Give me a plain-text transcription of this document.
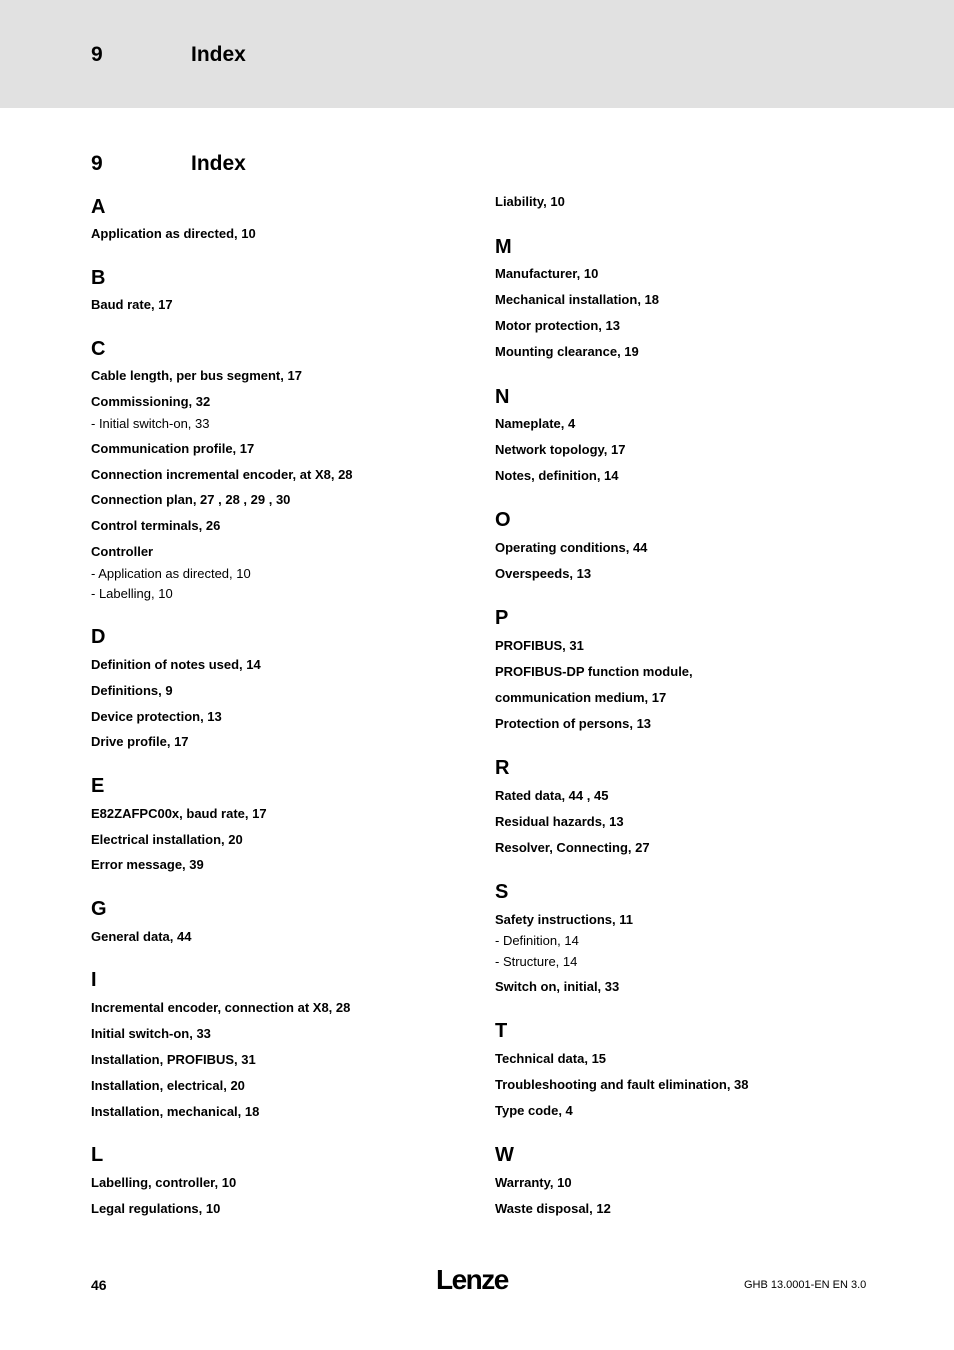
9	Index
9	Index
A
Application as directed, 10
B
Baud rate, 17
C
Cable length, per bus segment, 17
Commissioning, 32
- Initial switch-on, 33
Communication profile, 17
Connection incremental encoder, at X8, 28
Connection plan, 27 , 28 , 29 , 30
Control terminals, 26
Controller
- Application as directed, 10
- Labelling, 10
D
Definition of notes used, 14
Definitions, 9
Device protection, 13
Drive profile, 17
E
E82ZAFPC00x, baud rate, 17
Electrical installation, 20
Error message, 39
G
General data, 44
I
Incremental encoder, connection at X8, 28
Initial switch-on, 33
Installation, PROFIBUS, 31
Installation, electrical, 20
Installation, mechanical, 18
L
Labelling, controller, 10
Legal regulations, 10
Liability, 10
M
Manufacturer, 10
Mechanical installation, 18
Motor protection, 13
Mounting clearance, 19
N
Nameplate, 4
Network topology, 17
Notes, definition, 14
O
Operating conditions, 44
Overspeeds, 13
P
PROFIBUS, 31
PROFIBUS-DP function module,
communication medium, 17
Protection of persons, 13
R
Rated data, 44 , 45
Residual hazards, 13
Resolver, Connecting, 27
S
Safety instructions, 11
- Definition, 14
- Structure, 14
Switch on, initial, 33
T
Technical data, 15
Troubleshooting and fault elimination, 38
Type code, 4
W
Warranty, 10
Waste disposal, 12
46	Lenze	GHB 13.0001-EN EN 3.0
